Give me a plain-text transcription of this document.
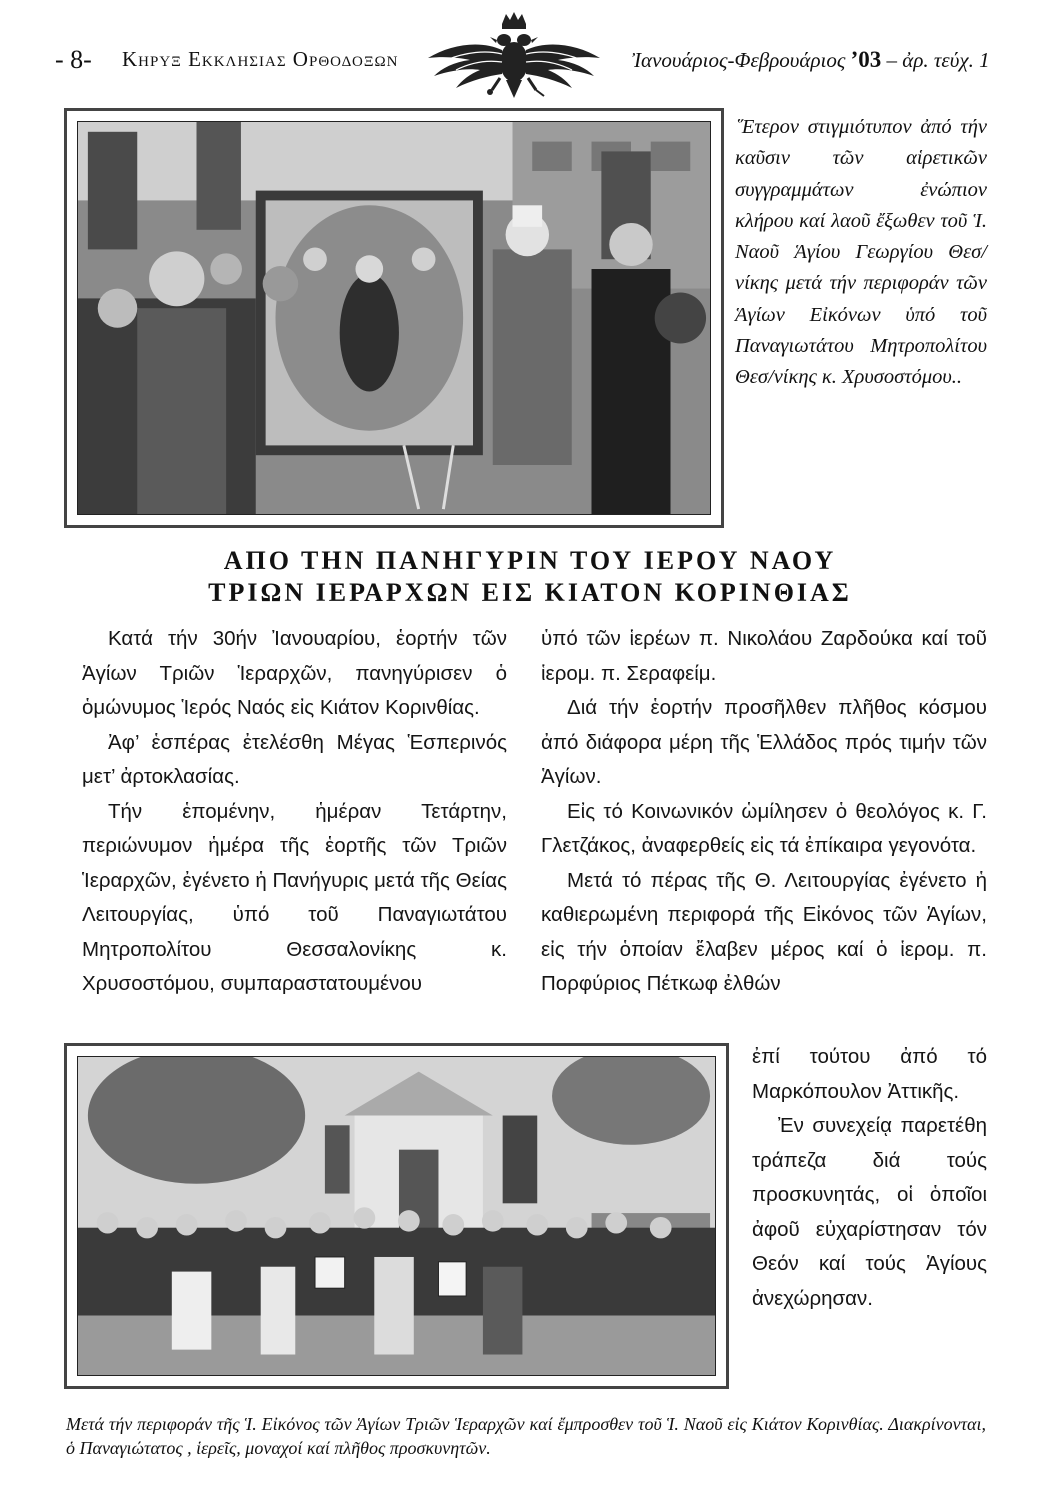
- 8- Κηρυξ Εκκλησιας Ορθοδοξων	Ἰανουάριος-Φεβρουάριος ’03 – ἀρ. τεύχ. 1
῞Ετερον στιγμιότυπον ἀπό τήν καῦσιν τῶν αἱρετικῶν συγγραμμάτων ἐνώπιον κλήρου καί λαοῦ ἔξωθεν τοῦ Ἱ. Ναοῦ Ἁγίου Γεωργίου Θεσ/νίκης μετά τήν περιφοράν τῶν Ἁγίων Εἰκόνων ὑπό τοῦ Παναγιωτάτου Μητροπολίτου Θεσ/νίκης κ. Χρυσοστόμου..
ΑΠΟ ΤΗΝ ΠΑΝΗΓΥΡΙΝ ΤΟΥ ΙΕΡΟΥ ΝΑΟΥ
ΤΡΙΩΝ ΙΕΡΑΡΧΩΝ ΕΙΣ ΚΙΑΤΟΝ ΚΟΡΙΝΘΙΑΣ

Κατά τήν 30ήν Ἰανουαρίου, ἑορτήν τῶν Ἁγίων Τριῶν Ἱεραρχῶν, πανηγύρισεν ὁ ὁμώνυμος Ἱερός Ναός εἰς Κιάτον Κορινθίας.

Ἀφ’ ἑσπέρας ἐτελέσθη Μέγας Ἑσπερινός μετ’ ἀρτοκλασίας.

Τήν ἑπομένην, ἡμέραν Τετάρτην, περιώνυμον ἡμέρα τῆς ἑορτῆς τῶν Τριῶν Ἱεραρχῶν, ἐγένετο ἡ Πανήγυρις μετά τῆς Θείας Λειτουργίας, ὑπό τοῦ Παναγιωτάτου Μητροπολίτου Θεσσαλονίκης κ. Χρυσοστόμου, συμπαραστατουμένου

ὑπό τῶν ἱερέων π. Νικολάου Ζαρδούκα καί τοῦ ἱερομ. π. Σεραφείμ.

Διά τήν ἑορτήν προσῆλθεν πλῆθος κόσμου ἀπό διάφορα μέρη τῆς Ἑλλάδος πρός τιμήν τῶν Ἁγίων.

Εἰς τό Κοινωνικόν ὡμίλησεν ὁ θεολόγος κ. Γ. Γλετζάκος, ἀναφερθείς εἰς τά ἐπίκαιρα γεγονότα.

Μετά τό πέρας τῆς Θ. Λειτουργίας ἐγένετο ἡ καθιερωμένη περιφορά τῆς Εἰκόνος τῶν Ἁγίων, εἰς τήν ὁποίαν ἔλαβεν μέρος καί ὁ ἱερομ. π. Πορφύριος Πέτκωφ ἐλθών

ἐπί τούτου ἀπό τό Μαρκόπουλον Ἀττικῆς.

Ἐν συνεχείᾳ παρετέθη τράπεζα διά τούς προσκυνητάς, οἱ ὁποῖοι ἀφοῦ εὐχαρίστησαν τόν Θεόν καί τούς Ἁγίους ἀνεχώρησαν.

Μετά τήν περιφοράν τῆς Ἱ. Εἰκόνος τῶν Ἁγίων Τριῶν Ἱεραρχῶν καί ἔμπροσθεν τοῦ Ἱ. Ναοῦ εἰς Κιάτον Κορινθίας. Διακρίνονται, ὁ Παναγιώτατος , ἱερεῖς, μοναχοί καί πλῆθος προσκυνητῶν.
